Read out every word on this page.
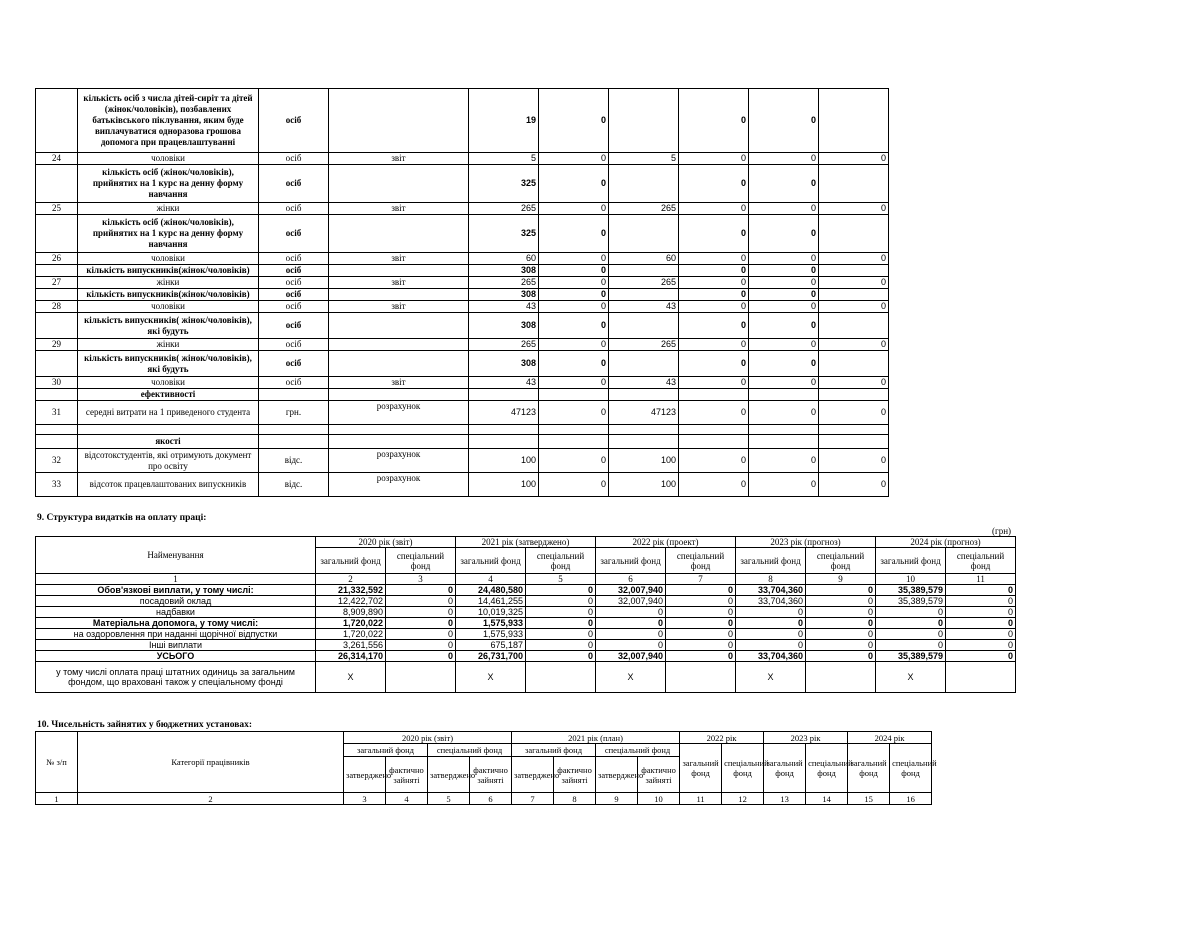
	кількість осіб з числа дітей-сиріт та дітей (жінок/чоловіків), позбавлених батьківського піклування, яким буде виплачуватися одноразова грошова допомога при працевлаштуванні	осіб		19	0		0	0	
24	чоловіки	осіб	звіт	5	0	5	0	0	0
	кількість осіб (жінок/чоловіків), прийнятих на 1 курс на денну форму навчання	осіб		325	0		0	0	
25	жінки	осіб	звіт	265	0	265	0	0	0
	кількість осіб (жінок/чоловіків), прийнятих на 1 курс на денну форму навчання	осіб		325	0		0	0	
26	чоловіки	осіб	звіт	60	0	60	0	0	0
	кількість випускників(жінок/чоловіків)	осіб		308	0		0	0	
27	жінки	осіб	звіт	265	0	265	0	0	0
	кількість випускників(жінок/чоловіків)	осіб		308	0		0	0	
28	чоловіки	осіб	звіт	43	0	43	0	0	0
	кількість випускників( жінок/чоловіків), які будуть	осіб		308	0		0	0	
29	жінки	осіб		265	0	265	0	0	0
	кількість випускників( жінок/чоловіків), які будуть	осіб		308	0		0	0	
30	чоловіки	осіб	звіт	43	0	43	0	0	0
	ефективності								
31	середні витрати на 1 приведеного студента	грн.	розрахунок	47123	0	47123	0	0	0

	якості								
32	відсотокстудентів, які отримують документ про освіту	відс.	розрахунок	100	0	100	0	0	0
33	відсоток працевлаштованих випускників	відс.	розрахунок	100	0	100	0	0	0
9. Структура видатків на оплату праці:
(грн)
Найменування	2020 рік (звіт)		2021 рік (затверджено)		2022 рік (проект)		2023 рік (прогноз)		2024 рік (прогноз)	
	загальний фонд	спеціальний фонд	загальний фонд	спеціальний фонд	загальний фонд	спеціальний фонд	загальний фонд	спеціальний фонд	загальний фонд	спеціальний фонд
1	2	3	4	5	6	7	8	9	10	11
Обов'язкові виплати, у тому числі:	21,332,592	0	24,480,580	0	32,007,940	0	33,704,360	0	35,389,579	0
посадовий оклад	12,422,702	0	14,461,255	0	32,007,940	0	33,704,360	0	35,389,579	0
надбавки	8,909,890	0	10,019,325	0	0	0	0	0	0	0
Матеріальна допомога, у тому числі:	1,720,022	0	1,575,933	0	0	0	0	0	0	0
на оздоровлення при наданні щорічної відпустки	1,720,022	0	1,575,933	0	0	0	0	0	0	0
Інші виплати	3,261,556	0	675,187	0	0	0	0	0	0	0
УСЬОГО	26,314,170	0	26,731,700	0	32,007,940	0	33,704,360	0	35,389,579	0
у тому числі оплата праці штатних одиниць за загальним фондом, що врахованi також у спеціальному фонді	X		X		X		X		X	
10. Чисельність зайнятих у бюджетних установах:
№ з/п	Категорії працівників	2020 рік (звіт)				2021 рік (план)				2022 рік		2023 рік		2024 рік	
		загальний фонд		спеціальний фонд		загальний фонд		спеціальний фонд		загальний фонд	спеціальний фонд	загальний фонд	спеціальний фонд	загальний фонд	спеціальний фонд
		затверджено	фактично зайняті	затверджено	фактично зайняті	затверджено	фактично зайняті	затверджено	фактично зайняті						
1	2	3	4	5	6	7	8	9	10	11	12	13	14	15	16
